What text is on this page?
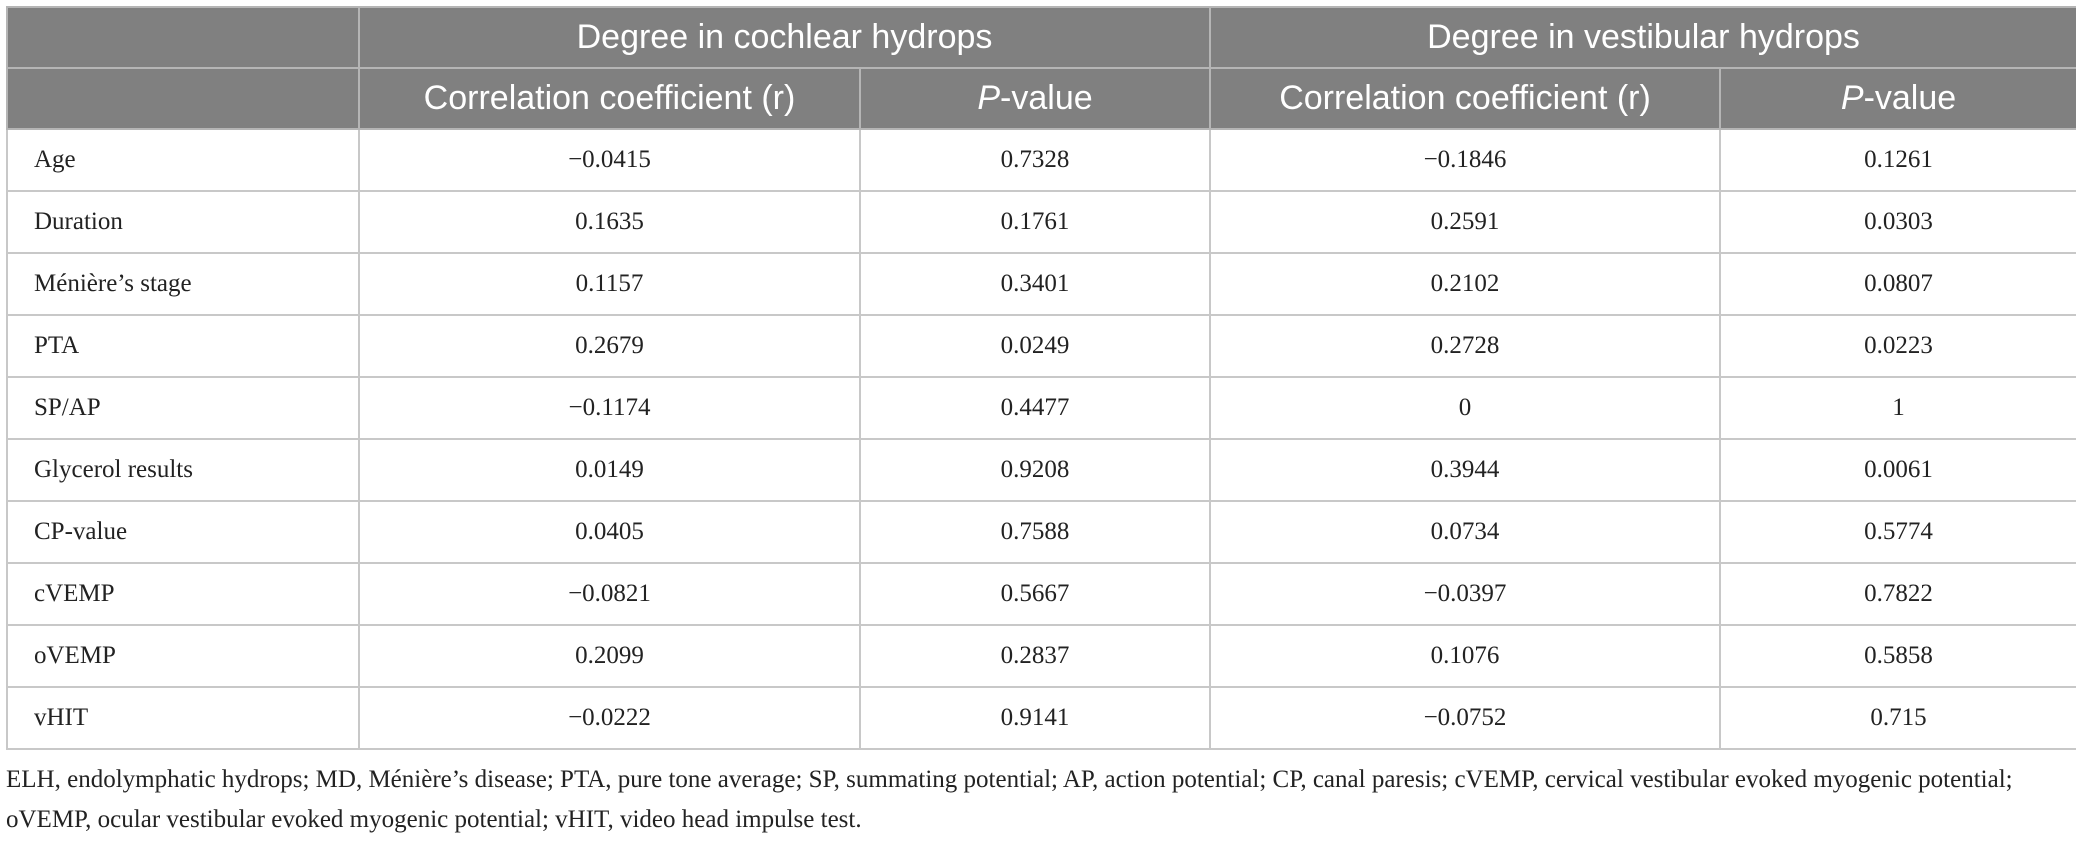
	Degree in cochlear hydrops		Degree in vestibular hydrops	
	Correlation coefficient (r)	P-value	Correlation coefficient (r)	P-value
Age	−0.0415	0.7328	−0.1846	0.1261
Duration	0.1635	0.1761	0.2591	0.0303
Ménière’s stage	0.1157	0.3401	0.2102	0.0807
PTA	0.2679	0.0249	0.2728	0.0223
SP/AP	−0.1174	0.4477	0	1
Glycerol results	0.0149	0.9208	0.3944	0.0061
CP-value	0.0405	0.7588	0.0734	0.5774
cVEMP	−0.0821	0.5667	−0.0397	0.7822
oVEMP	0.2099	0.2837	0.1076	0.5858
vHIT	−0.0222	0.9141	−0.0752	0.715
ELH, endolymphatic hydrops; MD, Ménière’s disease; PTA, pure tone average; SP, summating potential; AP, action potential; CP, canal paresis; cVEMP, cervical vestibular evoked myogenic potential; oVEMP, ocular vestibular evoked myogenic potential; vHIT, video head impulse test.
